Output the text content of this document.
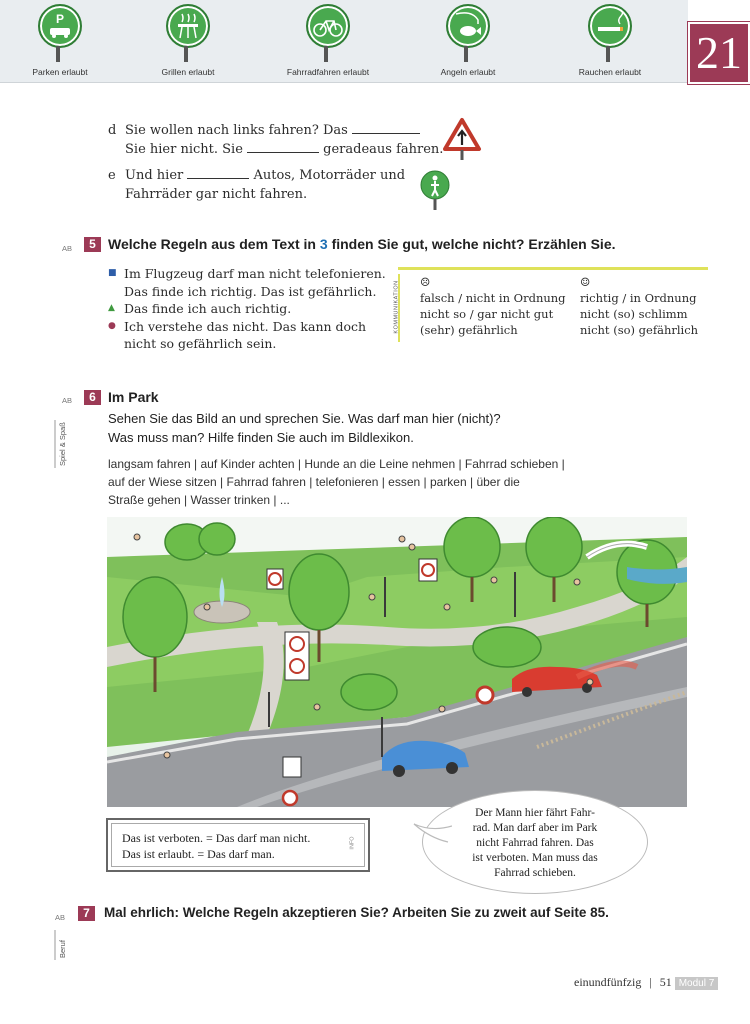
P
Parken erlaubt	Grillen erlaubt	Fahrradfahren erlaubt	Angeln erlaubt	Rauchen erlaubt	21
d Sie wollen nach links fahren? Das
Sie hier nicht. Sie	geradeaus fahren.
e Und hier	Autos, Motorräder und
Fahrräder gar nicht fahren.
AB	5 Welche Regeln aus dem Text in 3 finden Sie gut, welche nicht? Erzählen Sie.
■ Im Flugzeug darf man nicht telefonieren.
Das finde ich richtig. Das ist gefährlich.
▲ Das finde ich auch richtig.
● Ich verstehe das nicht. Das kann doch
nicht so gefährlich sein.
KOMMUNIKATION ☹
falsch / nicht in Ordnung
nicht so / gar nicht gut
(sehr) gefährlich
☺
richtig / in Ordnung
nicht (so) schlimm
nicht (so) gefährlich
AB	6 Im Park
Sehen Sie das Bild an und sprechen Sie. Was darf man hier (nicht)?
Was muss man? Hilfe finden Sie auch im Bildlexikon.
Spiel & Spaß	langsam fahren | auf Kinder achten | Hunde an die Leine nehmen | Fahrrad schieben |
auf der Wiese sitzen | Fahrrad fahren | telefonieren | essen | parken | über die
Straße gehen | Wasser trinken | ...
Das ist verboten. = Das darf man nicht.
Das ist erlaubt. = Das darf man.
INFO
Der Mann hier fährt Fahr-
rad. Man darf aber im Park
nicht Fahrrad fahren. Das
ist verboten. Man muss das
Fahrrad schieben.
AB	7	Mal ehrlich: Welche Regeln akzeptieren Sie? Arbeiten Sie zu zweit auf Seite 85.
Beruf
einundfünfzig | 51 Modul 7
